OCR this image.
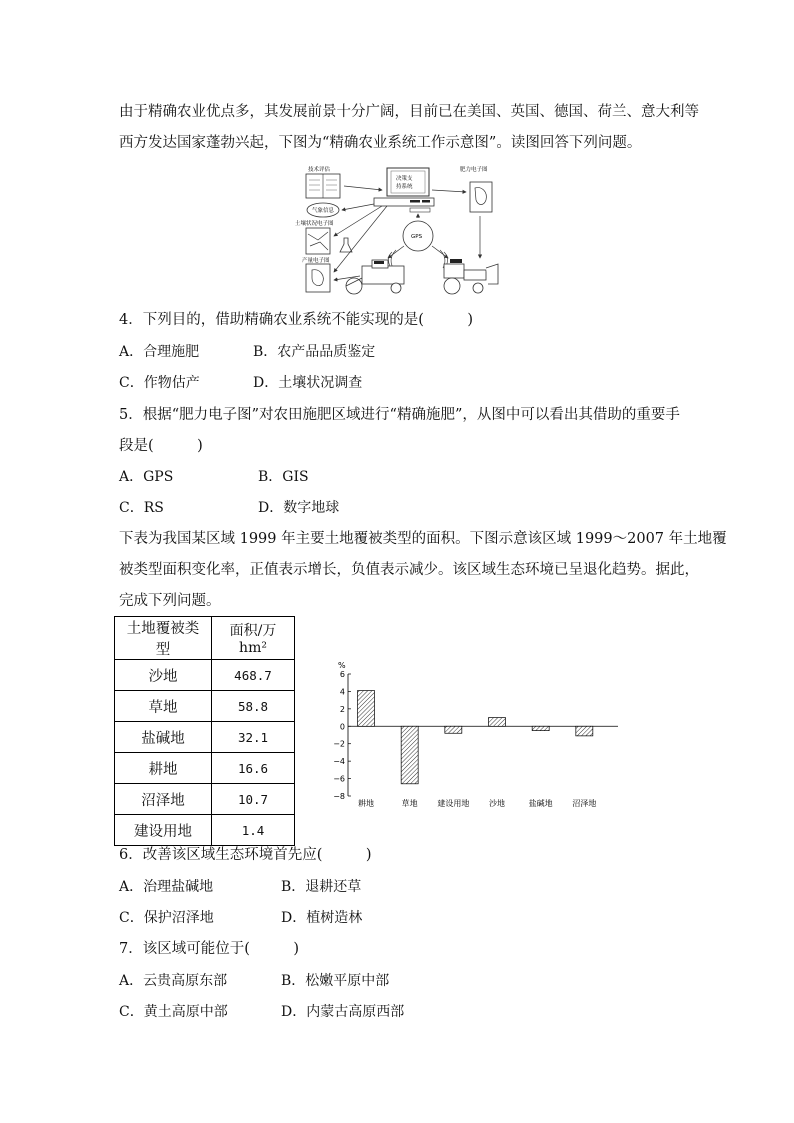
由于精确农业优点多，其发展前景十分广阔，目前已在美国、英国、德国、荷兰、意大利等
西方发达国家蓬勃兴起，下图为“精确农业系统工作示意图”。读图回答下列问题。
技术评估
决策支
持系统
肥力电子图
气象信息
土壤状况电子图
产量电子图
GPS
4．下列目的，借助精确农业系统不能实现的是(　　　)
A．合理施肥	B．农产品品质鉴定
C．作物估产	D．土壤状况调查
5．根据“肥力电子图”对农田施肥区域进行“精确施肥”，从图中可以看出其借助的重要手
段是(　　　)
A．GPS	B．GIS
C．RS	D．数字地球
下表为我国某区域 1999 年主要土地覆被类型的面积。下图示意该区域 1999～2007 年土地覆
被类型面积变化率，正值表示增长，负值表示减少。该区域生态环境已呈退化趋势。据此，
完成下列问题。
土地覆被类型	面积/万 hm²
沙地	468.7
草地	58.8
盐碱地	32.1
耕地	16.6
沼泽地	10.7
建设用地	1.4
%
6
4
2
0
−2
−4
−6
−8
耕地	草地 建设用地 沙地	盐碱地 沼泽地
6．改善该区域生态环境首先应(　　　)
A．治理盐碱地	B．退耕还草
C．保护沼泽地	D．植树造林
7．该区域可能位于(　　　)
A．云贵高原东部	B．松嫩平原中部
C．黄土高原中部	D．内蒙古高原西部
